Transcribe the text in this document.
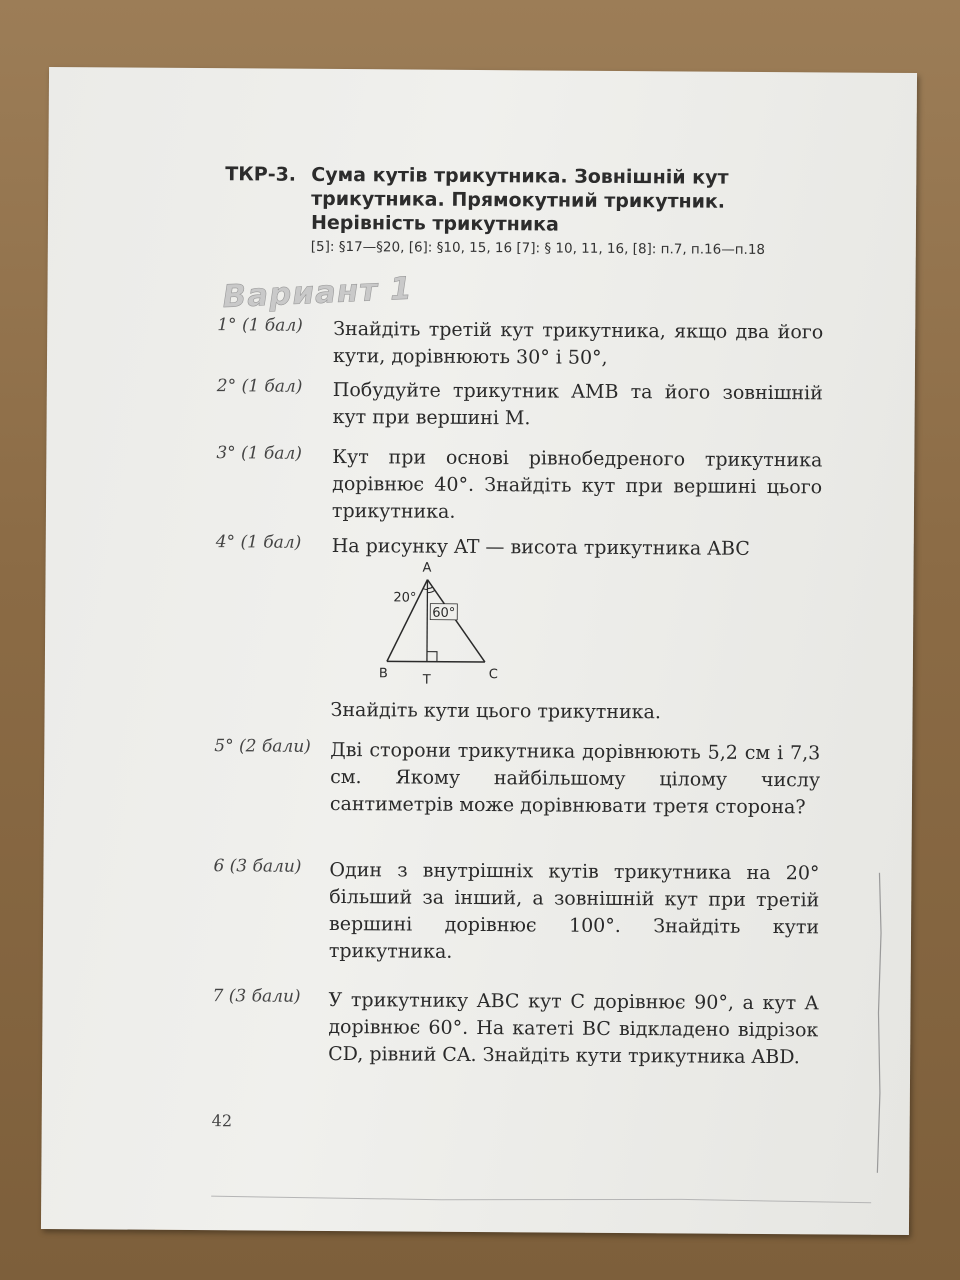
ТКР-3. Сума кутів трикутника. Зовнішній кут трикутника. Прямокутний трикутник. Нерівність трикутника
[5]: §17—§20, [6]: §10, 15, 16 [7]: § 10, 11, 16, [8]: п.7, п.16—п.18
Вариант 1
1° (1 бал) Знайдіть третій кут трикутника, якщо два його кути, дорівнюють 30° і 50°,
2° (1 бал) Побудуйте трикутник AMB та його зовнішній кут при вершині M.
3° (1 бал) Кут при основі рівнобедреного трикутника дорівнює 40°. Знайдіть кут при вершині цього трикутника.
4° (1 бал) На рисунку AT — висота трикутника ABC
A
B	C
T
20°
60°
Знайдіть кути цього трикутника.
5° (2 бали) Дві сторони трикутника дорівнюють 5,2 см і 7,3 см. Якому найбільшому цілому числу сантиметрів може дорівнювати третя сторона?
6 (3 бали) Один з внутрішніх кутів трикутника на 20° більший за інший, а зовнішній кут при третій вершині дорівнює 100°. Знайдіть кути трикутника.
7 (3 бали) У трикутнику ABC кут C дорівнює 90°, а кут A дорівнює 60°. На катеті BC відкладено відрізок CD, рівний CA. Знайдіть кути трикутника ABD.
42
